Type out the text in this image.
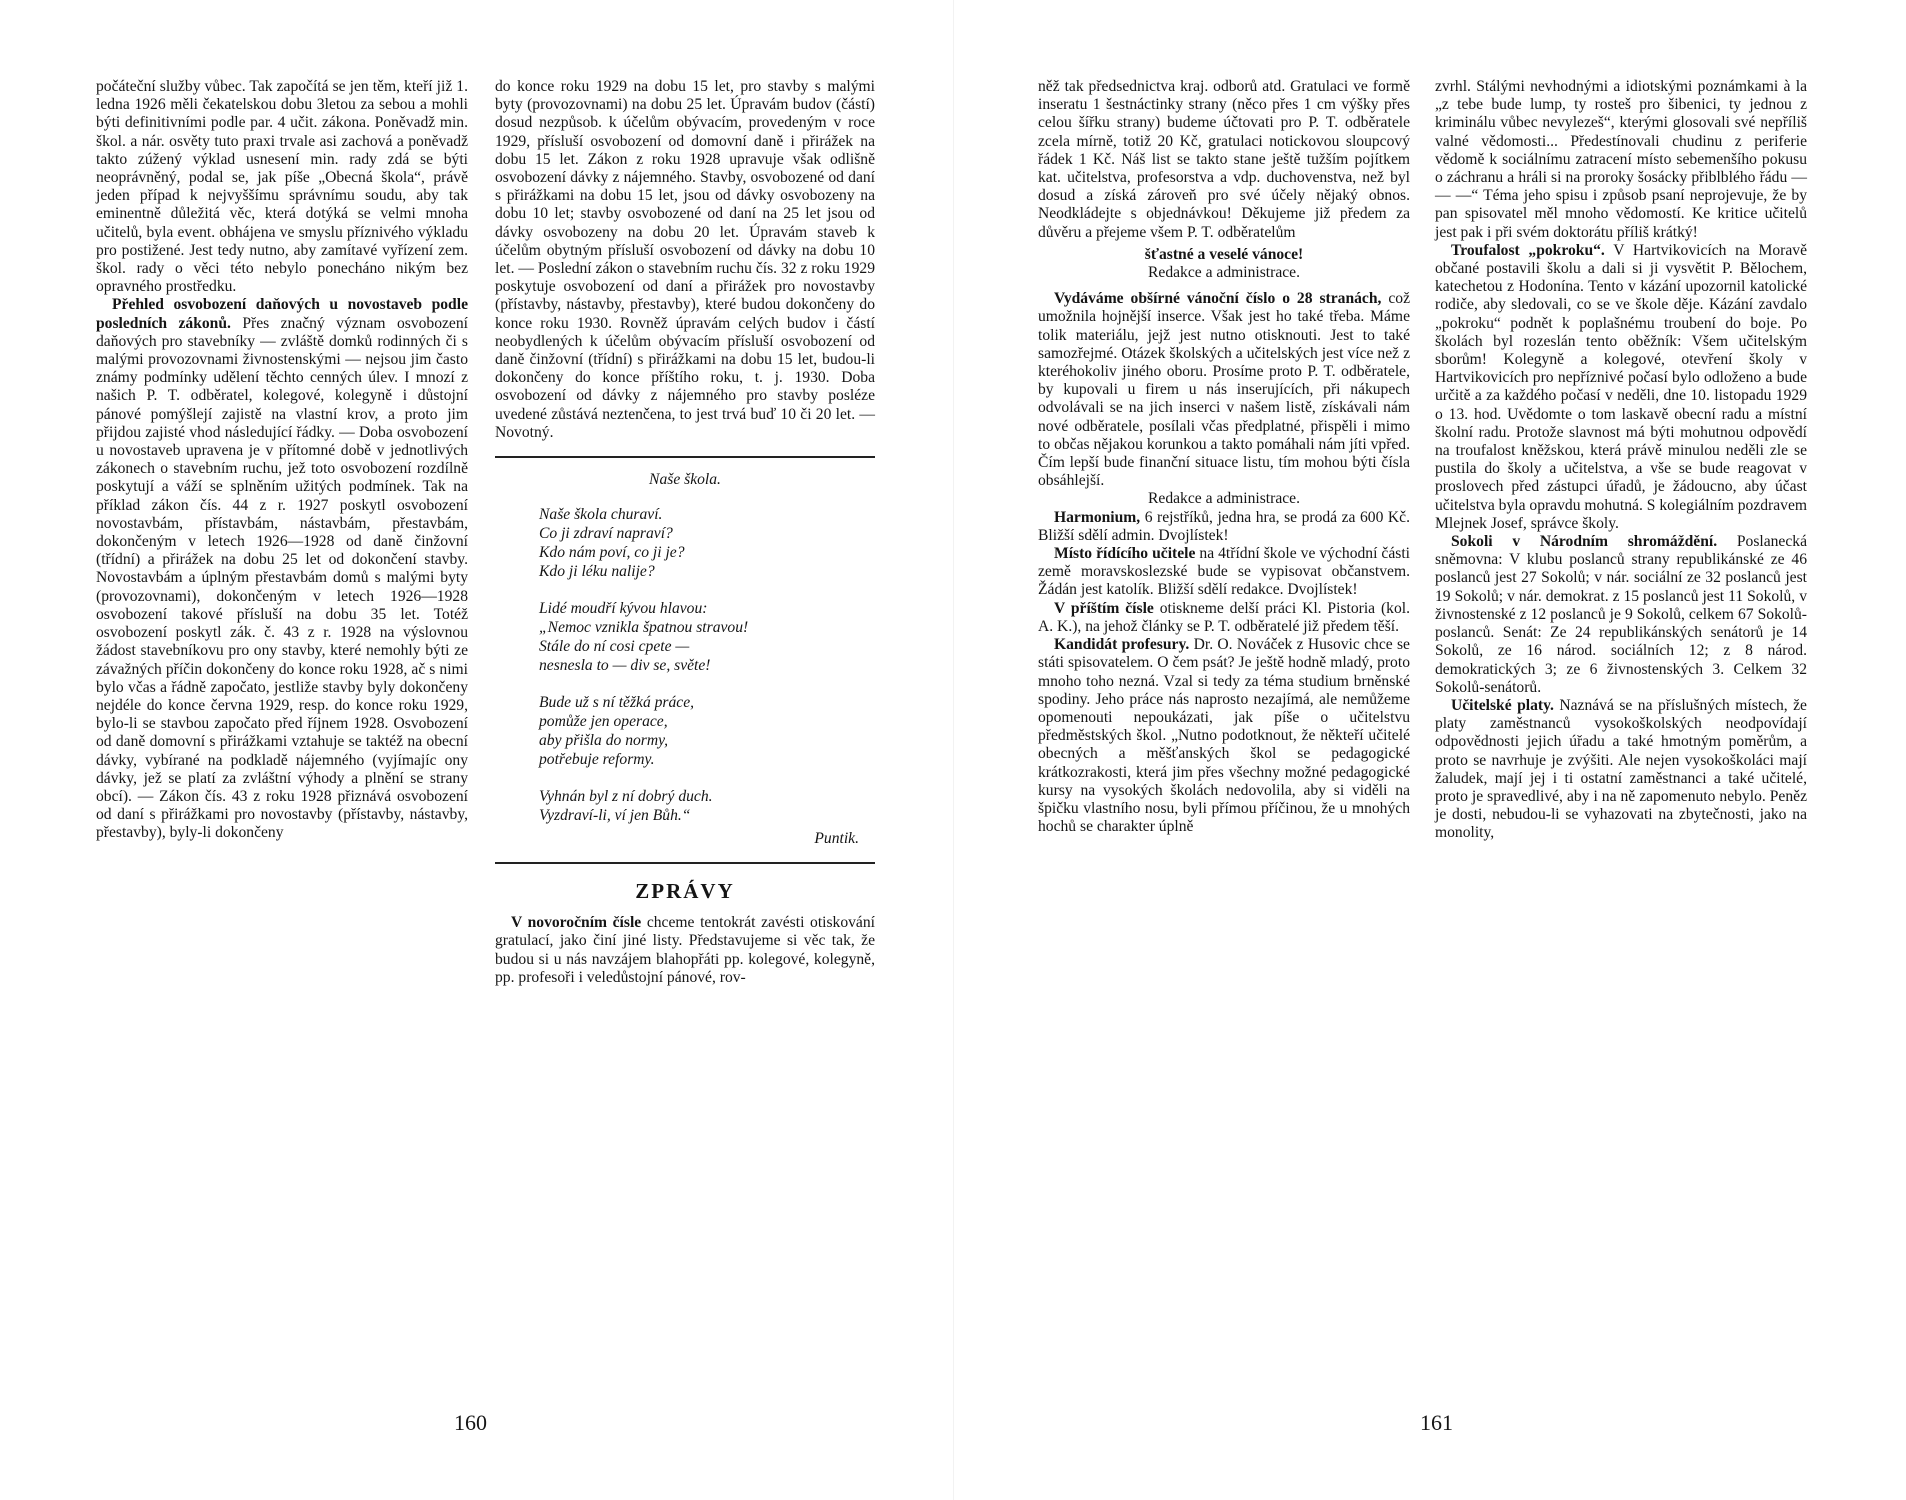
počáteční služby vůbec. Tak započítá se jen těm, kteří již 1. ledna 1926 měli čekatelskou dobu 3letou za sebou a mohli býti definitivními podle par. 4 učit. zákona. Poněvadž min. škol. a nár. osvěty tuto praxi trvale asi zachová a poněvadž takto zúžený výklad usnesení min. rady zdá se býti neoprávněný, podal se, jak píše „Obecná škola“, právě jeden případ k nejvyššímu správnímu soudu, aby tak eminentně důležitá věc, která dotýká se velmi mnoha učitelů, byla event. obhájena ve smyslu příznivého výkladu pro postižené. Jest tedy nutno, aby zamítavé vyřízení zem. škol. rady o věci této nebylo ponecháno nikým bez opravného prostředku.

Přehled osvobození daňových u novostaveb podle posledních zákonů. Přes značný význam osvobození daňových pro stavebníky — zvláště domků rodinných či s malými provozovnami živnostenskými — nejsou jim často známy podmínky udělení těchto cenných úlev. I mnozí z našich P. T. odběratel, kolegové, kolegyně i důstojní pánové pomýšlejí zajistě na vlastní krov, a proto jim přijdou zajisté vhod následující řádky. — Doba osvobození u novostaveb upravena je v přítomné době v jednotlivých zákonech o stavebním ruchu, jež toto osvobození rozdílně poskytují a váží se splněním užitých podmínek. Tak na příklad zákon čís. 44 z r. 1927 poskytl osvobození novostavbám, přístavbám, nástavbám, přestavbám, dokončeným v letech 1926—1928 od daně činžovní (třídní) a přirážek na dobu 25 let od dokončení stavby. Novostavbám a úplným přestavbám domů s malými byty (provozovnami), dokončeným v letech 1926—1928 osvobození takové přísluší na dobu 35 let. Totéž osvobození poskytl zák. č. 43 z r. 1928 na výslovnou žádost stavebníkovu pro ony stavby, které nemohly býti ze závažných příčin dokončeny do konce roku 1928, ač s nimi bylo včas a řádně započato, jestliže stavby byly dokončeny nejdéle do konce června 1929, resp. do konce roku 1929, bylo-li se stavbou započato před říjnem 1928. Osvobození od daně domovní s přirážkami vztahuje se taktéž na obecní dávky, vybírané na podkladě nájemného (vyjímajíc ony dávky, jež se platí za zvláštní výhody a plnění se strany obcí). — Zákon čís. 43 z roku 1928 přiznává osvobození od daní s přirážkami pro novostavby (přístavby, nástavby, přestavby), byly-li dokončeny

do konce roku 1929 na dobu 15 let, pro stavby s malými byty (provozovnami) na dobu 25 let. Úpravám budov (částí) dosud nezpůsob. k účelům obývacím, provedeným v roce 1929, přísluší osvobození od domovní daně i přirážek na dobu 15 let. Zákon z roku 1928 upravuje však odlišně osvobození dávky z nájemného. Stavby, osvobozené od daní s přirážkami na dobu 15 let, jsou od dávky osvobozeny na dobu 10 let; stavby osvobozené od daní na 25 let jsou od dávky osvobozeny na dobu 20 let. Úpravám staveb k účelům obytným přísluší osvobození od dávky na dobu 10 let. — Poslední zákon o stavebním ruchu čís. 32 z roku 1929 poskytuje osvobození od daní a přirážek pro novostavby (přístavby, nástavby, přestavby), které budou dokončeny do konce roku 1930. Rovněž úpravám celých budov i částí neobydlených k účelům obývacím přísluší osvobození od daně činžovní (třídní) s přirážkami na dobu 15 let, budou-li dokončeny do konce příštího roku, t. j. 1930. Doba osvobození od dávky z nájemného pro stavby posléze uvedené zůstává neztenčena, to jest trvá buď 10 či 20 let. — Novotný.

Naše škola.
Naše škola churaví.
Co ji zdraví napraví?
Kdo nám poví, co ji je?
Kdo ji léku nalije?
Lidé moudří kývou hlavou:
„Nemoc vznikla špatnou stravou!
Stále do ní cosi cpete —
nesnesla to — div se, světe!
Bude už s ní těžká práce,
pomůže jen operace,
aby přišla do normy,
potřebuje reformy.
Vyhnán byl z ní dobrý duch.
Vyzdraví-li, ví jen Bůh.“
Puntik.
ZPRÁVY

V novoročním čísle chceme tentokrát zavésti otiskování gratulací, jako činí jiné listy. Představujeme si věc tak, že budou si u nás navzájem blahopřáti pp. kolegové, kolegyně, pp. profesoři i veledůstojní pánové, rov-

160

něž tak předsednictva kraj. odborů atd. Gratulaci ve formě inseratu 1 šestnáctinky strany (něco přes 1 cm výšky přes celou šířku strany) budeme účtovati pro P. T. odběratele zcela mírně, totiž 20 Kč, gratulaci notickovou sloupcový řádek 1 Kč. Náš list se takto stane ještě tužším pojítkem kat. učitelstva, profesorstva a vdp. duchovenstva, než byl dosud a získá zároveň pro své účely nějaký obnos. Neodkládejte s objednávkou! Děkujeme již předem za důvěru a přejeme všem P. T. odběratelům

šťastné a veselé vánoce!

Redakce a administrace.

Vydáváme obšírné vánoční číslo o 28 stranách, což umožnila hojnější inserce. Však jest ho také třeba. Máme tolik materiálu, jejž jest nutno otisknouti. Jest to také samozřejmé. Otázek školských a učitelských jest více než z kteréhokoliv jiného oboru. Prosíme proto P. T. odběratele, by kupovali u firem u nás inserujících, při nákupech odvolávali se na jich inserci v našem listě, získávali nám nové odběratele, posílali včas předplatné, přispěli i mimo to občas nějakou korunkou a takto pomáhali nám jíti vpřed. Čím lepší bude finanční situace listu, tím mohou býti čísla obsáhlejší.

Redakce a administrace.

Harmonium, 6 rejstříků, jedna hra, se prodá za 600 Kč. Bližší sdělí admin. Dvojlístek!

Místo řídícího učitele na 4třídní škole ve východní části země moravskoslezské bude se vypisovat občanstvem. Žádán jest katolík. Bližší sdělí redakce. Dvojlístek!

V příštím čísle otiskneme delší práci Kl. Pistoria (kol. A. K.), na jehož články se P. T. odběratelé již předem těší.

Kandidát profesury. Dr. O. Nováček z Husovic chce se státi spisovatelem. O čem psát? Je ještě hodně mladý, proto mnoho toho nezná. Vzal si tedy za téma studium brněnské spodiny. Jeho práce nás naprosto nezajímá, ale nemůžeme opomenouti nepoukázati, jak píše o učitelstvu předměstských škol. „Nutno podotknout, že někteří učitelé obecných a měšťanských škol se pedagogické krátkozrakosti, která jim přes všechny možné pedagogické kursy na vysokých školách nedovolila, aby si viděli na špičku vlastního nosu, byli přímou příčinou, že u mnohých hochů se charakter úplně

zvrhl. Stálými nevhodnými a idiotskými poznámkami à la „z tebe bude lump, ty rosteš pro šibenici, ty jednou z kriminálu vůbec nevylezeš“, kterými glosovali své nepříliš valné vědomosti... Předestínovali chudinu z periferie vědomě k sociálnímu zatracení místo sebemenšího pokusu o záchranu a hráli si na proroky šosácky přiblblého řádu — — —“ Téma jeho spisu i způsob psaní neprojevuje, že by pan spisovatel měl mnoho vědomostí. Ke kritice učitelů jest pak i při svém doktorátu příliš krátký!

Troufalost „pokroku“. V Hartvikovicích na Moravě občané postavili školu a dali si ji vysvětit P. Bělochem, katechetou z Hodonína. Tento v kázání upozornil katolické rodiče, aby sledovali, co se ve škole děje. Kázání zavdalo „pokroku“ podnět k poplašnému troubení do boje. Po školách byl rozeslán tento oběžník: Všem učitelským sborům! Kolegyně a kolegové, otevření školy v Hartvikovicích pro nepříznivé počasí bylo odloženo a bude určitě a za každého počasí v neděli, dne 10. listopadu 1929 o 13. hod. Uvědomte o tom laskavě obecní radu a místní školní radu. Protože slavnost má býti mohutnou odpovědí na troufalost kněžskou, která právě minulou neděli zle se pustila do školy a učitelstva, a vše se bude reagovat v proslovech před zástupci úřadů, je žádoucno, aby účast učitelstva byla opravdu mohutná. S kolegiálním pozdravem Mlejnek Josef, správce školy.

Sokoli v Národním shromáždění. Poslanecká sněmovna: V klubu poslanců strany republikánské ze 46 poslanců jest 27 Sokolů; v nár. sociální ze 32 poslanců jest 19 Sokolů; v nár. demokrat. z 15 poslanců jest 11 Sokolů, v živnostenské z 12 poslanců je 9 Sokolů, celkem 67 Sokolů-poslanců. Senát: Ze 24 republikánských senátorů je 14 Sokolů, ze 16 národ. sociálních 12; z 8 národ. demokratických 3; ze 6 živnostenských 3. Celkem 32 Sokolů-senátorů.

Učitelské platy. Naznává se na příslušných místech, že platy zaměstnanců vysokoškolských neodpovídají odpovědnosti jejich úřadu a také hmotným poměrům, a proto se navrhuje je zvýšiti. Ale nejen vysokoškoláci mají žaludek, mají jej i ti ostatní zaměstnanci a také učitelé, proto je spravedlivé, aby i na ně zapomenuto nebylo. Peněz je dosti, nebudou-li se vyhazovati na zbytečnosti, jako na monolity,

161
